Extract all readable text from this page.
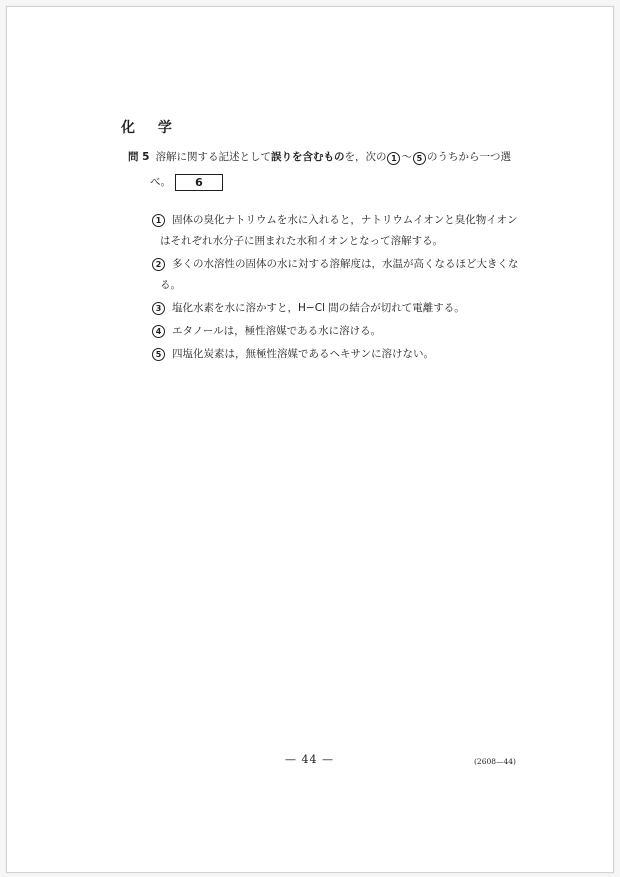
化 学
問 5 溶解に関する記述として誤りを含むものを，次の 1 ～ 5 のうちから一つ選
べ。 6
1	固体の臭化ナトリウムを水に入れると，ナトリウムイオンと臭化物イオン
はそれぞれ水分子に囲まれた水和イオンとなって溶解する。
2	多くの水溶性の固体の水に対する溶解度は，水温が高くなるほど大きくな
る。
3	塩化水素を水に溶かすと，H−Cl 間の結合が切れて電離する。
4	エタノールは，極性溶媒である水に溶ける。
5	四塩化炭素は，無極性溶媒であるヘキサンに溶けない。
— 44 —	(2608—44)
